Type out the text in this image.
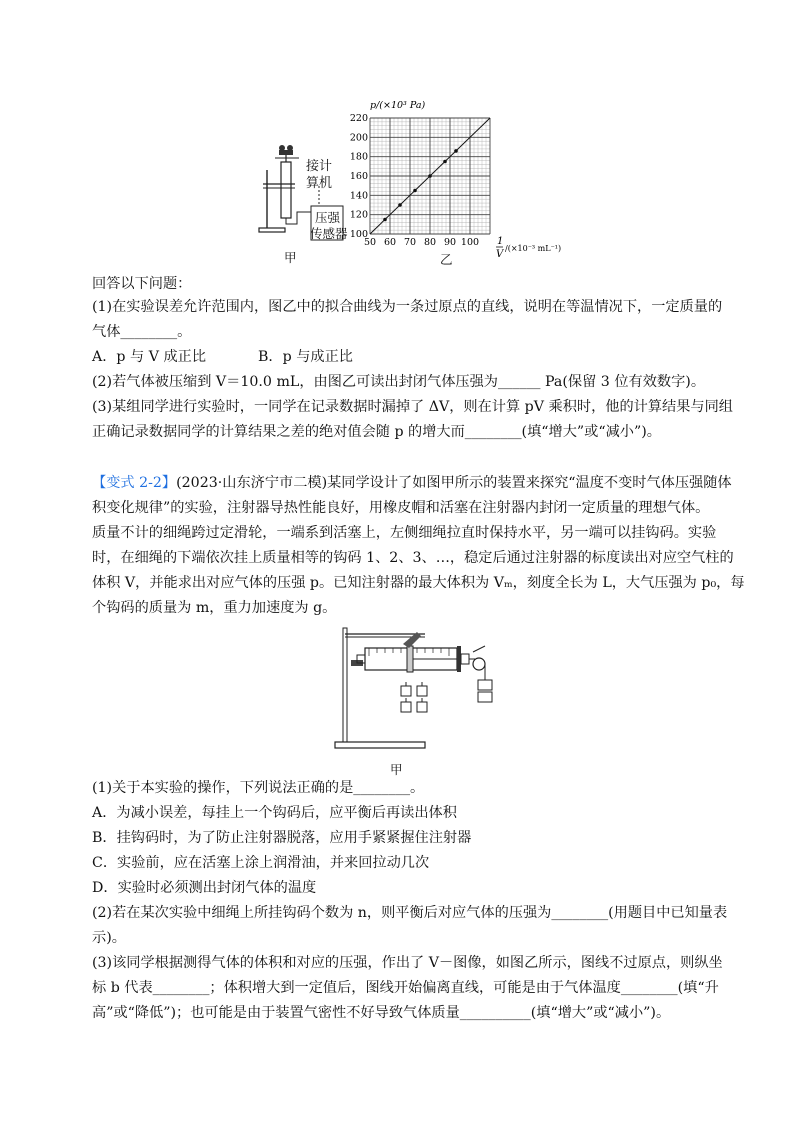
接计
算机
压强
传感器
甲
220
200
180
160
140
120
100
50 60 70 80 90 100
p/(×10³ Pa)
1
V
/(×10⁻³ mL⁻¹)
乙
回答以下问题：
(1)在实验误差允许范围内，图乙中的拟合曲线为一条过原点的直线，说明在等温情况下，一定质量的
气体________。
A．p 与 V 成正比	B．p 与成正比
(2)若气体被压缩到 V＝10.0 mL，由图乙可读出封闭气体压强为______ Pa(保留 3 位有效数字)。
(3)某组同学进行实验时，一同学在记录数据时漏掉了 ΔV，则在计算 pV 乘积时，他的计算结果与同组
正确记录数据同学的计算结果之差的绝对值会随 p 的增大而________(填“增大”或“减小”)。
【变式 2-2】(2023·山东济宁市二模)某同学设计了如图甲所示的装置来探究“温度不变时气体压强随体
积变化规律”的实验，注射器导热性能良好，用橡皮帽和活塞在注射器内封闭一定质量的理想气体。
质量不计的细绳跨过定滑轮，一端系到活塞上，左侧细绳拉直时保持水平，另一端可以挂钩码。实验
时，在细绳的下端依次挂上质量相等的钩码 1、2、3、…，稳定后通过注射器的标度读出对应空气柱的
体积 V，并能求出对应气体的压强 p。已知注射器的最大体积为 Vₘ，刻度全长为 L，大气压强为 p₀，每
个钩码的质量为 m，重力加速度为 g。
甲
(1)关于本实验的操作，下列说法正确的是________。
A．为减小误差，每挂上一个钩码后，应平衡后再读出体积
B．挂钩码时，为了防止注射器脱落，应用手紧紧握住注射器
C．实验前，应在活塞上涂上润滑油，并来回拉动几次
D．实验时必须测出封闭气体的温度
(2)若在某次实验中细绳上所挂钩码个数为 n，则平衡后对应气体的压强为________(用题目中已知量表
示)。
(3)该同学根据测得气体的体积和对应的压强，作出了 V－图像，如图乙所示，图线不过原点，则纵坐
标 b 代表________；体积增大到一定值后，图线开始偏离直线，可能是由于气体温度________(填“升
高”或“降低”)；也可能是由于装置气密性不好导致气体质量__________(填“增大”或“减小”)。
